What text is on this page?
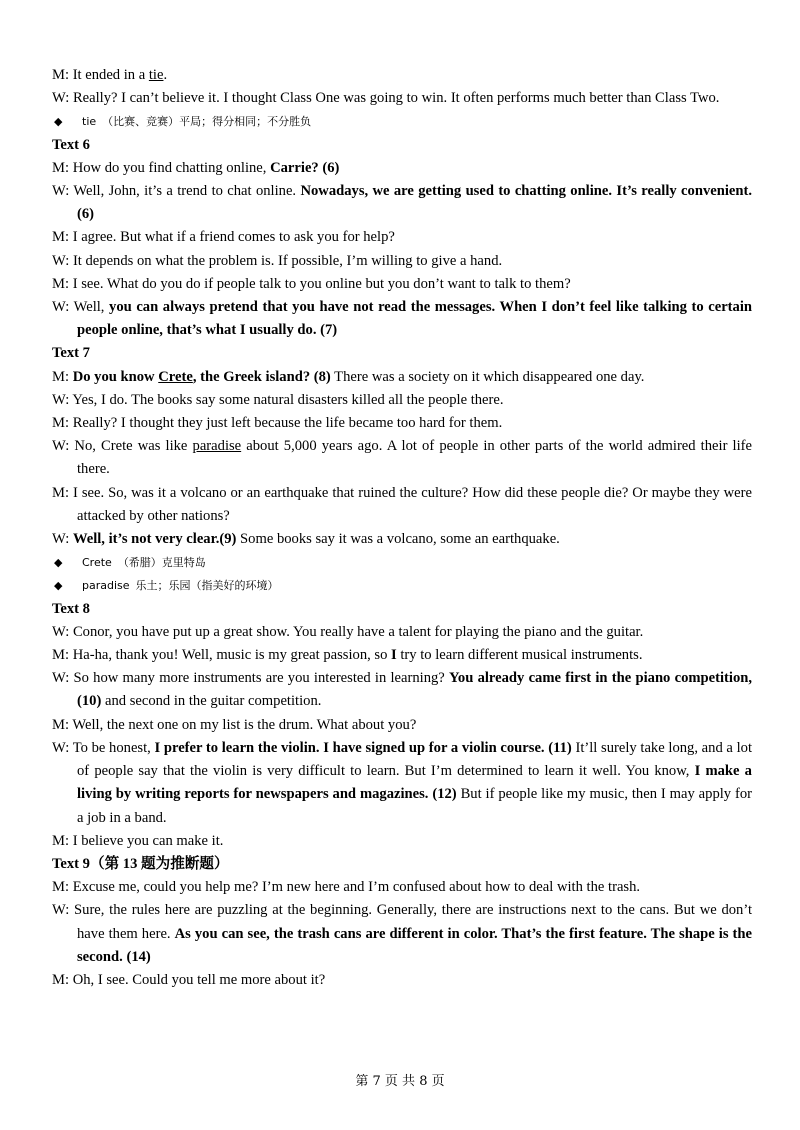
M: It ended in a tie.
W: Really? I can’t believe it. I thought Class One was going to win. It often performs much better than Class Two.
◆ tie （比赛、竞赛）平局；得分相同；不分胜负
Text 6
M: How do you find chatting online, Carrie? (6)
W: Well, John, it’s a trend to chat online. Nowadays, we are getting used to chatting online. It’s really convenient. (6)
M: I agree. But what if a friend comes to ask you for help?
W: It depends on what the problem is. If possible, I’m willing to give a hand.
M: I see. What do you do if people talk to you online but you don’t want to talk to them?
W: Well, you can always pretend that you have not read the messages. When I don’t feel like talking to certain people online, that’s what I usually do. (7)
Text 7
M: Do you know Crete, the Greek island? (8) There was a society on it which disappeared one day.
W: Yes, I do. The books say some natural disasters killed all the people there.
M: Really? I thought they just left because the life became too hard for them.
W: No, Crete was like paradise about 5,000 years ago. A lot of people in other parts of the world admired their life there.
M: I see. So, was it a volcano or an earthquake that ruined the culture? How did these people die? Or maybe they were attacked by other nations?
W: Well, it’s not very clear.(9) Some books say it was a volcano, some an earthquake.
◆ Crete （希腊）克里特岛
◆ paradise 乐土；乐园（指美好的环境）
Text 8
W: Conor, you have put up a great show. You really have a talent for playing the piano and the guitar.
M: Ha-ha, thank you! Well, music is my great passion, so I try to learn different musical instruments.
W: So how many more instruments are you interested in learning? You already came first in the piano competition, (10) and second in the guitar competition.
M: Well, the next one on my list is the drum. What about you?
W: To be honest, I prefer to learn the violin. I have signed up for a violin course. (11) It’ll surely take long, and a lot of people say that the violin is very difficult to learn. But I’m determined to learn it well. You know, I make a living by writing reports for newspapers and magazines. (12) But if people like my music, then I may apply for a job in a band.
M: I believe you can make it.
Text 9（第 13 题为推断题）
M: Excuse me, could you help me? I’m new here and I’m confused about how to deal with the trash.
W: Sure, the rules here are puzzling at the beginning. Generally, there are instructions next to the cans. But we don’t have them here. As you can see, the trash cans are different in color. That’s the first feature. The shape is the second. (14)
M: Oh, I see. Could you tell me more about it?
第 7 页 共 8 页
